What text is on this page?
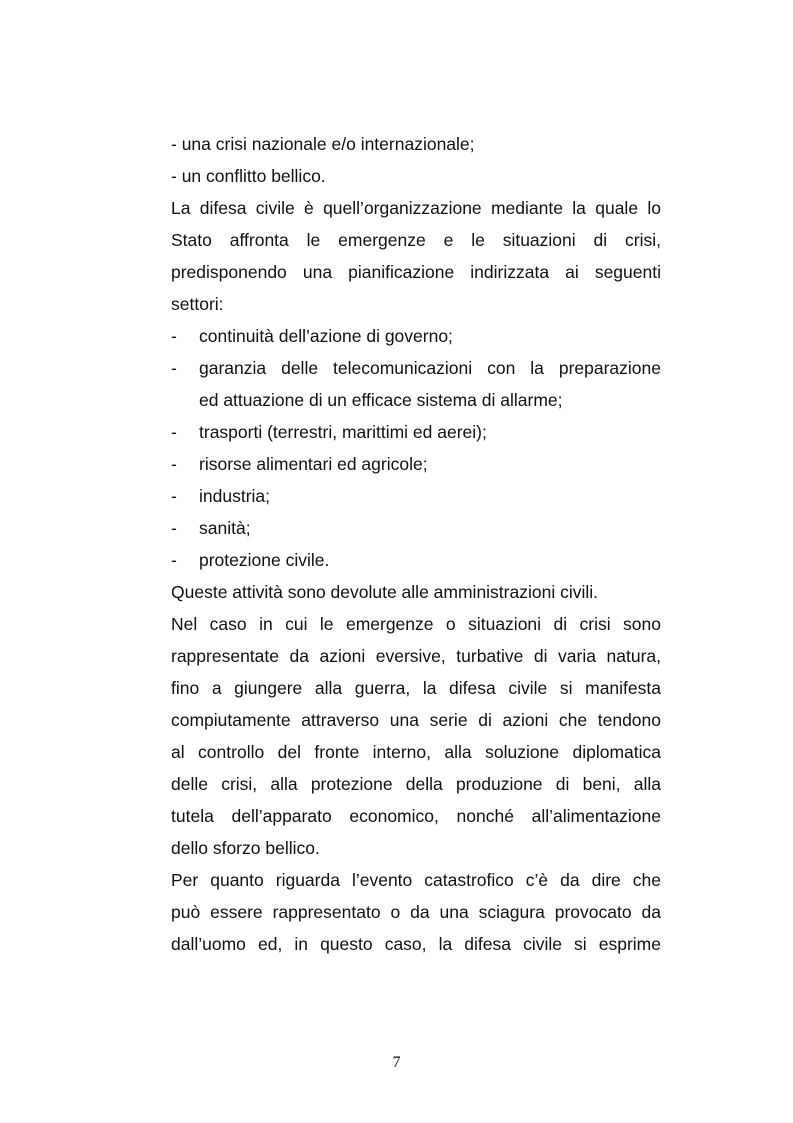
- una crisi nazionale e/o internazionale;

- un conflitto bellico.

La difesa civile è quell’organizzazione mediante la quale lo

Stato affronta le emergenze e le situazioni di crisi,

predisponendo una pianificazione indirizzata ai seguenti

settori:

- continuità dell’azione di governo;
- garanzia delle telecomunicazioni con la preparazione

ed attuazione di un efficace sistema di allarme;

- trasporti (terrestri, marittimi ed aerei);
- risorse alimentari ed agricole;
- industria;
- sanità;
- protezione civile.

Queste attività sono devolute alle amministrazioni civili.

Nel caso in cui le emergenze o situazioni di crisi sono

rappresentate da azioni eversive, turbative di varia natura,

fino a giungere alla guerra, la difesa civile si manifesta

compiutamente attraverso una serie di azioni che tendono

al controllo del fronte interno, alla soluzione diplomatica

delle crisi, alla protezione della produzione di beni, alla

tutela dell’apparato economico, nonché all’alimentazione

dello sforzo bellico.

Per quanto riguarda l’evento catastrofico c’è da dire che

può essere rappresentato o da una sciagura provocato da

dall’uomo ed, in questo caso, la difesa civile si esprime

7
